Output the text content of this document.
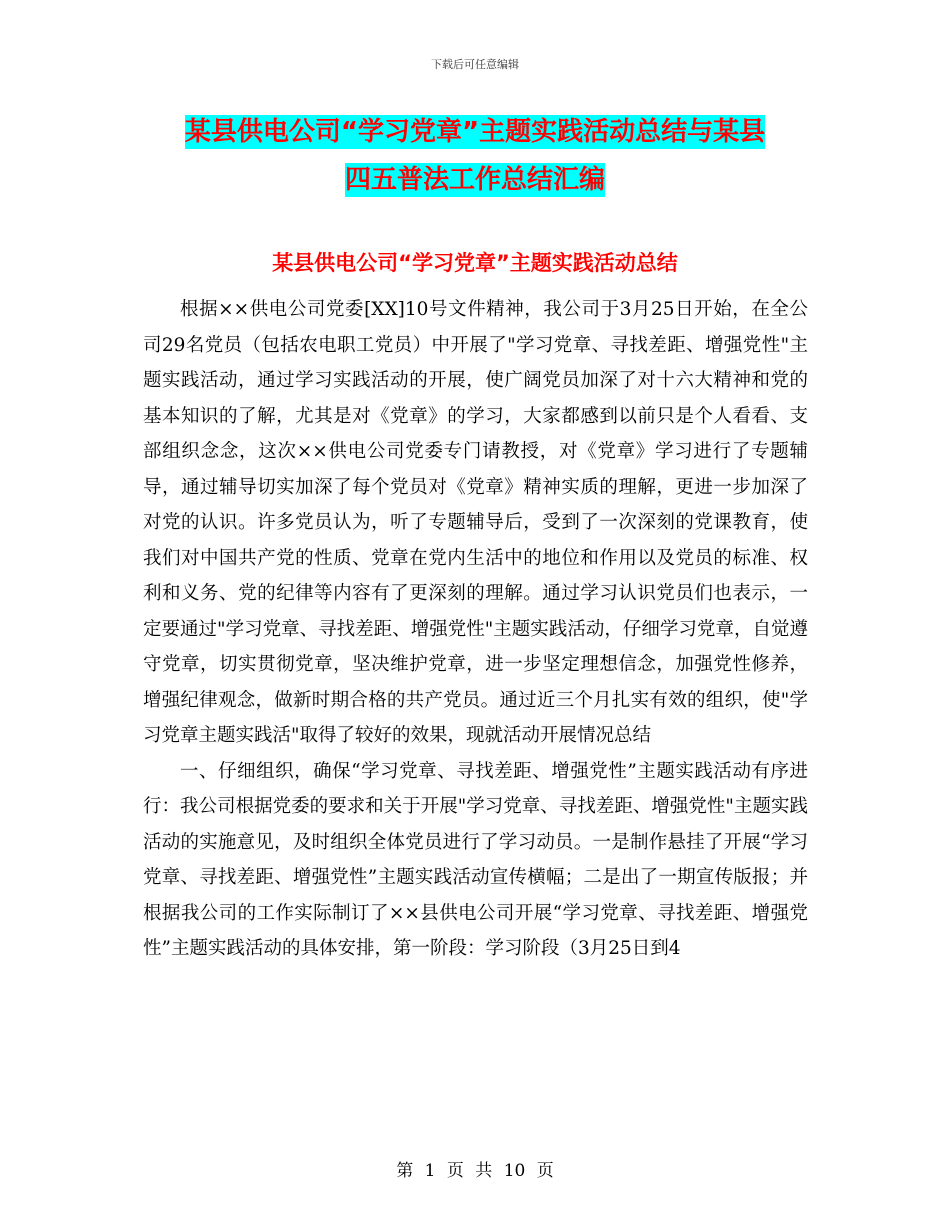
下载后可任意编辑
某县供电公司“学习党章”主题实践活动总结与某县
四五普法工作总结汇编
某县供电公司“学习党章”主题实践活动总结

根据××供电公司党委[XX]10号文件精神，我公司于3月25日开始，在全公司29名党员（包括农电职工党员）中开展了"学习党章、寻找差距、增强党性"主题实践活动，通过学习实践活动的开展，使广阔党员加深了对十六大精神和党的基本知识的了解，尤其是对《党章》的学习，大家都感到以前只是个人看看、支部组织念念，这次××供电公司党委专门请教授，对《党章》学习进行了专题辅导，通过辅导切实加深了每个党员对《党章》精神实质的理解，更进一步加深了对党的认识。许多党员认为，听了专题辅导后，受到了一次深刻的党课教育，使我们对中国共产党的性质、党章在党内生活中的地位和作用以及党员的标准、权利和义务、党的纪律等内容有了更深刻的理解。通过学习认识党员们也表示，一定要通过"学习党章、寻找差距、增强党性"主题实践活动，仔细学习党章，自觉遵守党章，切实贯彻党章，坚决维护党章，进一步坚定理想信念，加强党性修养，增强纪律观念，做新时期合格的共产党员。通过近三个月扎实有效的组织，使"学习党章主题实践活"取得了较好的效果，现就活动开展情况总结

一、仔细组织，确保“学习党章、寻找差距、增强党性”主题实践活动有序进行：我公司根据党委的要求和关于开展"学习党章、寻找差距、增强党性"主题实践活动的实施意见，及时组织全体党员进行了学习动员。一是制作悬挂了开展“学习党章、寻找差距、增强党性”主题实践活动宣传横幅；二是出了一期宣传版报；并根据我公司的工作实际制订了××县供电公司开展“学习党章、寻找差距、增强党性”主题实践活动的具体安排，第一阶段：学习阶段（3月25日到4

第 1 页 共 10 页
